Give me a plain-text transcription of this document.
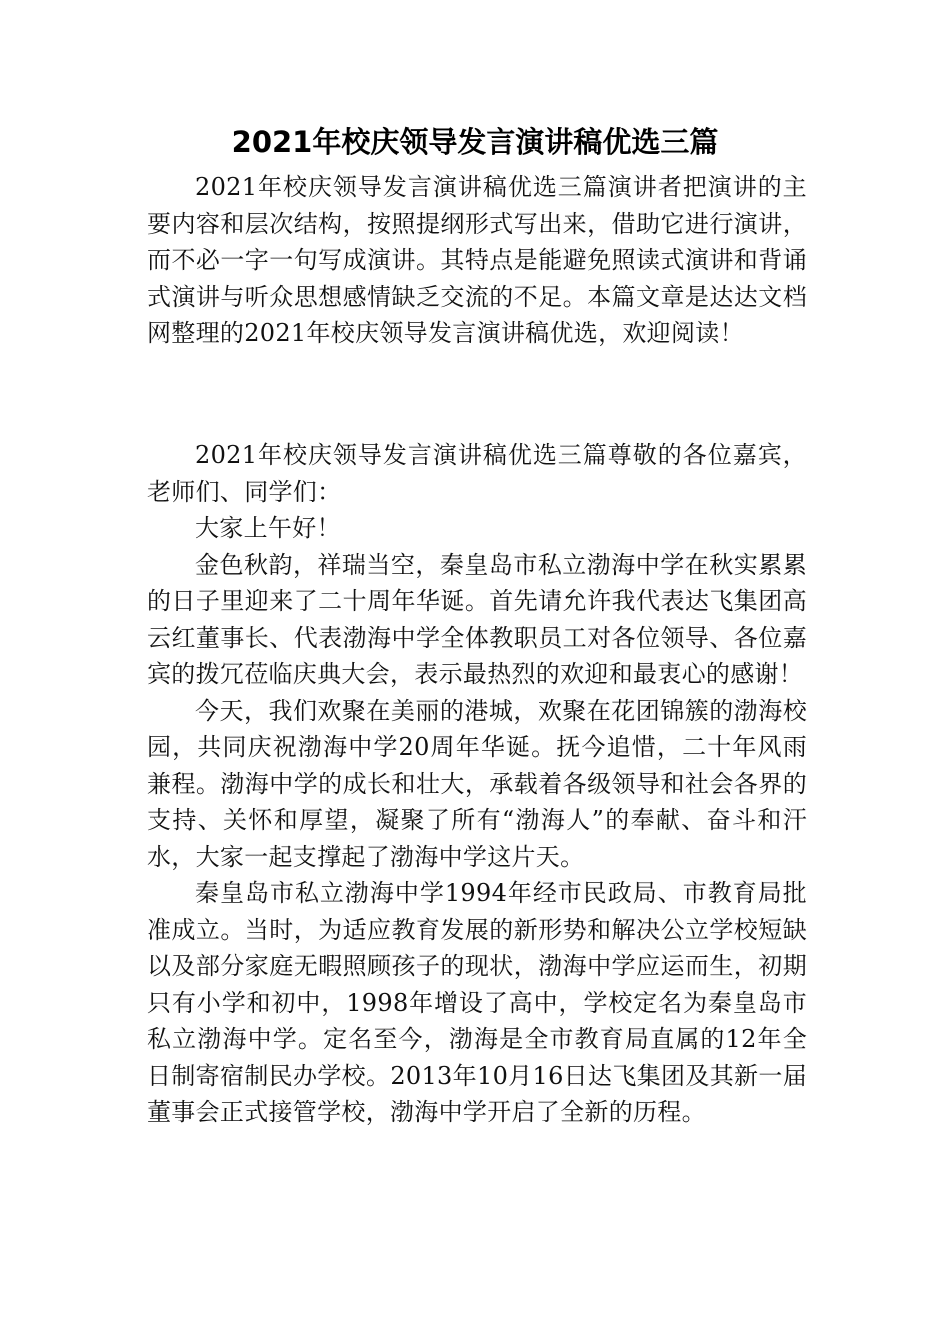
2021年校庆领导发言演讲稿优选三篇

2021年校庆领导发言演讲稿优选三篇演讲者把演讲的主要内容和层次结构，按照提纲形式写出来，借助它进行演讲，而不必一字一句写成演讲。其特点是能避免照读式演讲和背诵式演讲与听众思想感情缺乏交流的不足。本篇文章是达达文档网整理的2021年校庆领导发言演讲稿优选，欢迎阅读！

2021年校庆领导发言演讲稿优选三篇尊敬的各位嘉宾，老师们、同学们：

大家上午好！

金色秋韵，祥瑞当空，秦皇岛市私立渤海中学在秋实累累的日子里迎来了二十周年华诞。首先请允许我代表达飞集团高云红董事长、代表渤海中学全体教职员工对各位领导、各位嘉宾的拨冗莅临庆典大会，表示最热烈的欢迎和最衷心的感谢！

今天，我们欢聚在美丽的港城，欢聚在花团锦簇的渤海校园，共同庆祝渤海中学20周年华诞。抚今追惜，二十年风雨兼程。渤海中学的成长和壮大，承载着各级领导和社会各界的支持、关怀和厚望，凝聚了所有“渤海人”的奉献、奋斗和汗水，大家一起支撑起了渤海中学这片天。

秦皇岛市私立渤海中学1994年经市民政局、市教育局批准成立。当时，为适应教育发展的新形势和解决公立学校短缺以及部分家庭无暇照顾孩子的现状，渤海中学应运而生，初期只有小学和初中，1998年增设了高中，学校定名为秦皇岛市私立渤海中学。定名至今，渤海是全市教育局直属的12年全日制寄宿制民办学校。2013年10月16日达飞集团及其新一届董事会正式接管学校，渤海中学开启了全新的历程。
